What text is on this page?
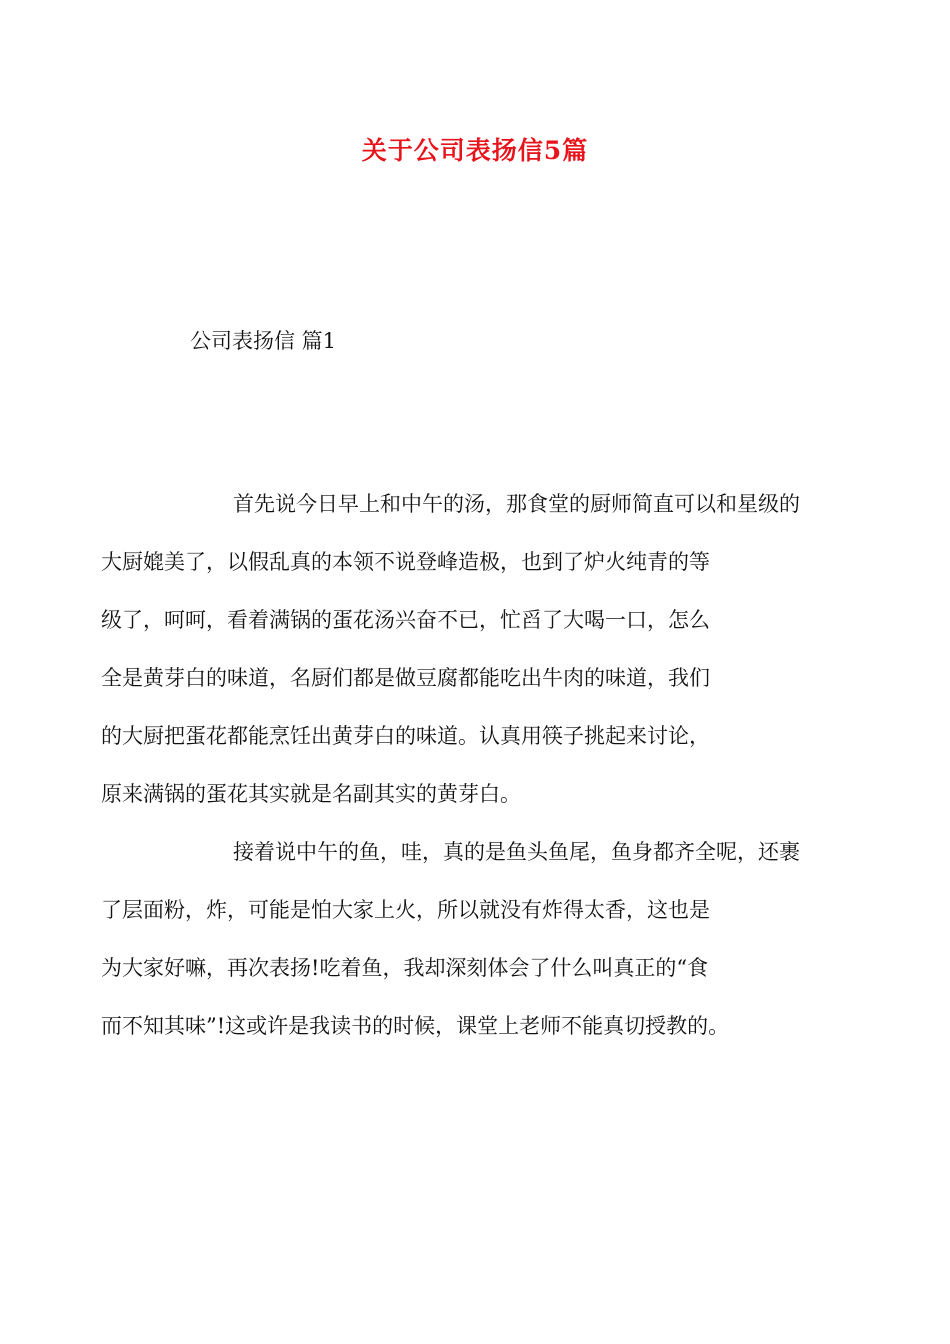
关于公司表扬信5篇
公司表扬信 篇1
首先说今日早上和中午的汤，那食堂的厨师简直可以和星级的
大厨媲美了，以假乱真的本领不说登峰造极，也到了炉火纯青的等
级了，呵呵，看着满锅的蛋花汤兴奋不已，忙舀了大喝一口，怎么
全是黄芽白的味道，名厨们都是做豆腐都能吃出牛肉的味道，我们
的大厨把蛋花都能烹饪出黄芽白的味道。认真用筷子挑起来讨论，
原来满锅的蛋花其实就是名副其实的黄芽白。
接着说中午的鱼，哇，真的是鱼头鱼尾，鱼身都齐全呢，还裹
了层面粉，炸，可能是怕大家上火，所以就没有炸得太香，这也是
为大家好嘛，再次表扬!吃着鱼，我却深刻体会了什么叫真正的“食
而不知其味”!这或许是我读书的时候，课堂上老师不能真切授教的。
